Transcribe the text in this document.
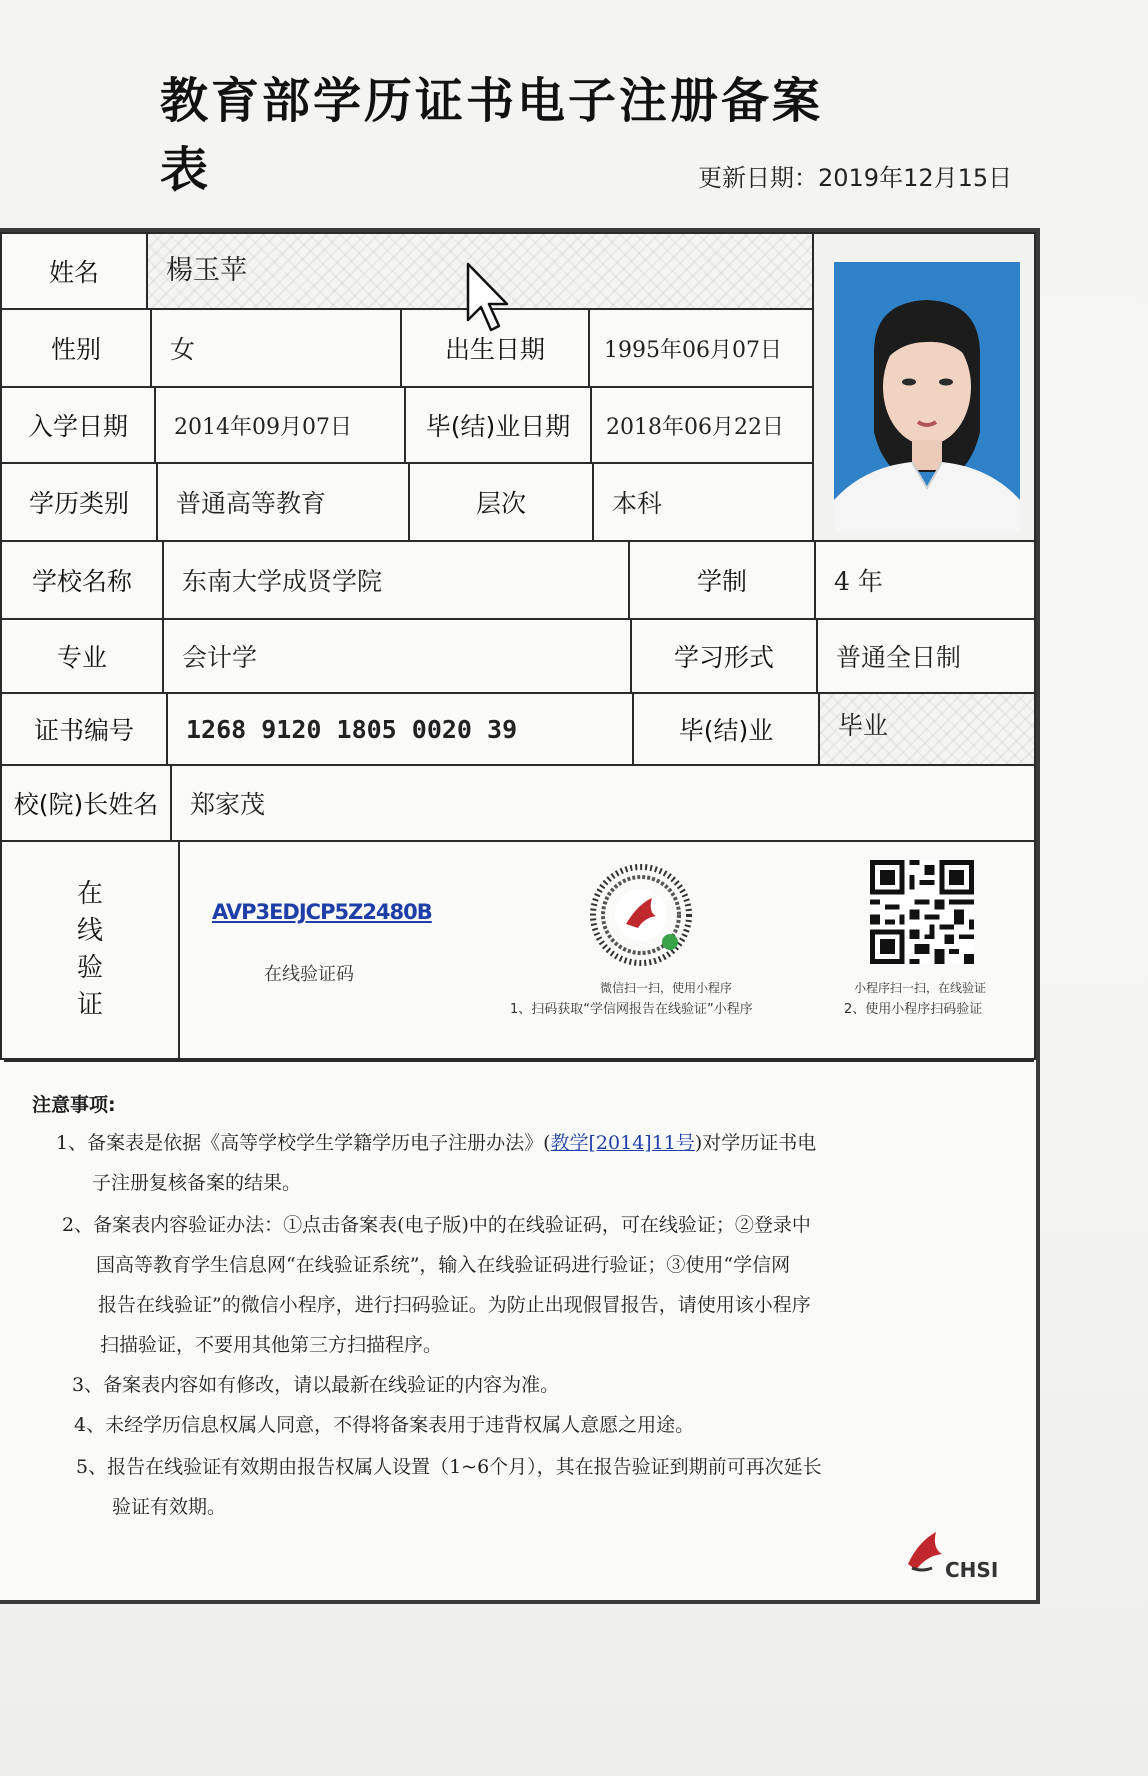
教育部学历证书电子注册备案表	更新日期：2019年12月15日
姓名	楊玉苹
性别	女	出生日期	1995年06月07日
入学日期	2014年09月07日	毕(结)业日期	2018年06月22日
学历类别	普通高等教育	层次	本科
学校名称	东南大学成贤学院	学制	4 年
专业	会计学	学习形式	普通全日制
证书编号	1268 9120 1805 0020 39	毕(结)业	毕业
校(院)长姓名	郑家茂
在
线
验
证
AVP3EDJCP5Z2480B
在线验证码
微信扫一扫，使用小程序
1、扫码获取“学信网报告在线验证”小程序
小程序扫一扫，在线验证
2、使用小程序扫码验证
注意事项:
1、备案表是依据《高等学校学生学籍学历电子注册办法》(教学[2014]11号)对学历证书电
子注册复核备案的结果。
2、备案表内容验证办法：①点击备案表(电子版)中的在线验证码，可在线验证；②登录中
国高等教育学生信息网“在线验证系统”，输入在线验证码进行验证；③使用“学信网
报告在线验证”的微信小程序，进行扫码验证。为防止出现假冒报告，请使用该小程序
扫描验证，不要用其他第三方扫描程序。
3、备案表内容如有修改，请以最新在线验证的内容为准。
4、未经学历信息权属人同意，不得将备案表用于违背权属人意愿之用途。
5、报告在线验证有效期由报告权属人设置（1~6个月），其在报告验证到期前可再次延长
验证有效期。
CHSI
